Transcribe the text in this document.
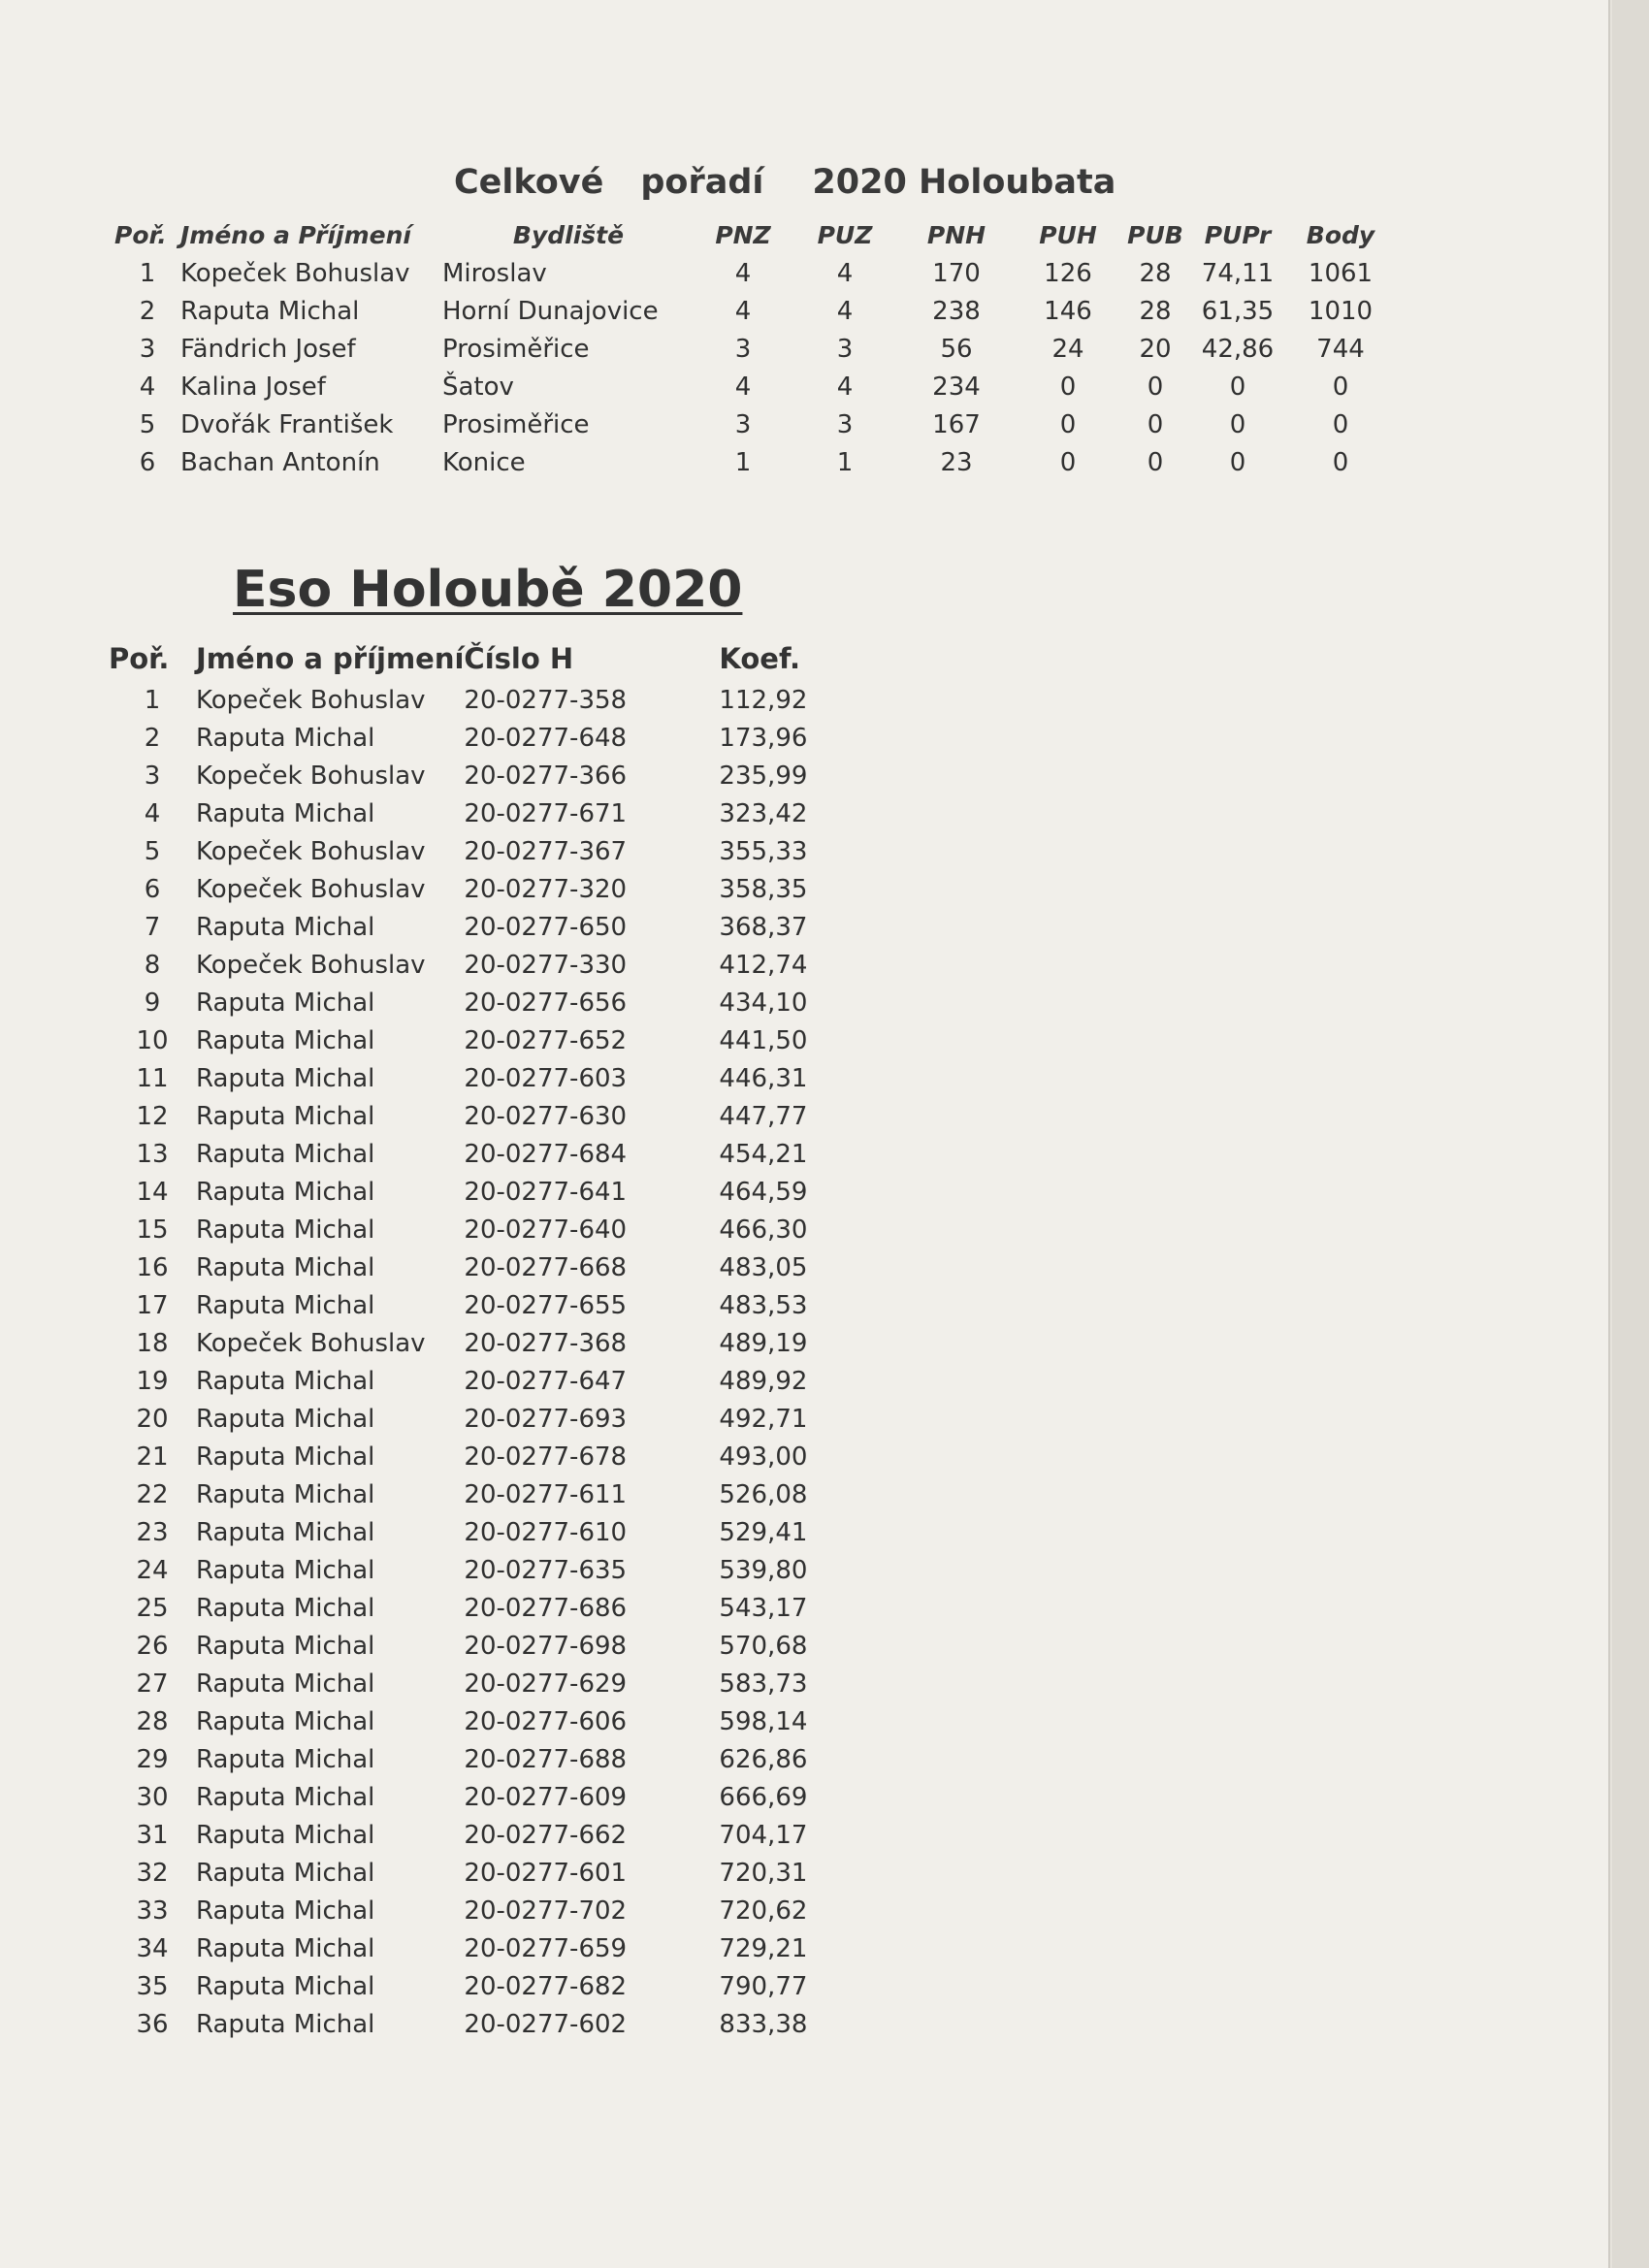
Celkové pořadí 2020 Holoubata
Poř.	Jméno a Příjmení	Bydliště	PNZ	PUZ	PNH	PUH	PUB	PUPr	Body
1	Kopeček Bohuslav	Miroslav	4	4	170	126	28	74,11	1061
2	Raputa Michal	Horní Dunajovice	4	4	238	146	28	61,35	1010
3	Fändrich Josef	Prosiměřice	3	3	56	24	20	42,86	744
4	Kalina Josef	Šatov	4	4	234	0	0	0	0
5	Dvořák František	Prosiměřice	3	3	167	0	0	0	0
6	Bachan Antonín	Konice	1	1	23	0	0	0	0
Eso Holoubě 2020
Poř.	Jméno a příjmení	Číslo H	Koef.
1	Kopeček Bohuslav	20-0277-358	112,92
2	Raputa Michal	20-0277-648	173,96
3	Kopeček Bohuslav	20-0277-366	235,99
4	Raputa Michal	20-0277-671	323,42
5	Kopeček Bohuslav	20-0277-367	355,33
6	Kopeček Bohuslav	20-0277-320	358,35
7	Raputa Michal	20-0277-650	368,37
8	Kopeček Bohuslav	20-0277-330	412,74
9	Raputa Michal	20-0277-656	434,10
10	Raputa Michal	20-0277-652	441,50
11	Raputa Michal	20-0277-603	446,31
12	Raputa Michal	20-0277-630	447,77
13	Raputa Michal	20-0277-684	454,21
14	Raputa Michal	20-0277-641	464,59
15	Raputa Michal	20-0277-640	466,30
16	Raputa Michal	20-0277-668	483,05
17	Raputa Michal	20-0277-655	483,53
18	Kopeček Bohuslav	20-0277-368	489,19
19	Raputa Michal	20-0277-647	489,92
20	Raputa Michal	20-0277-693	492,71
21	Raputa Michal	20-0277-678	493,00
22	Raputa Michal	20-0277-611	526,08
23	Raputa Michal	20-0277-610	529,41
24	Raputa Michal	20-0277-635	539,80
25	Raputa Michal	20-0277-686	543,17
26	Raputa Michal	20-0277-698	570,68
27	Raputa Michal	20-0277-629	583,73
28	Raputa Michal	20-0277-606	598,14
29	Raputa Michal	20-0277-688	626,86
30	Raputa Michal	20-0277-609	666,69
31	Raputa Michal	20-0277-662	704,17
32	Raputa Michal	20-0277-601	720,31
33	Raputa Michal	20-0277-702	720,62
34	Raputa Michal	20-0277-659	729,21
35	Raputa Michal	20-0277-682	790,77
36	Raputa Michal	20-0277-602	833,38
